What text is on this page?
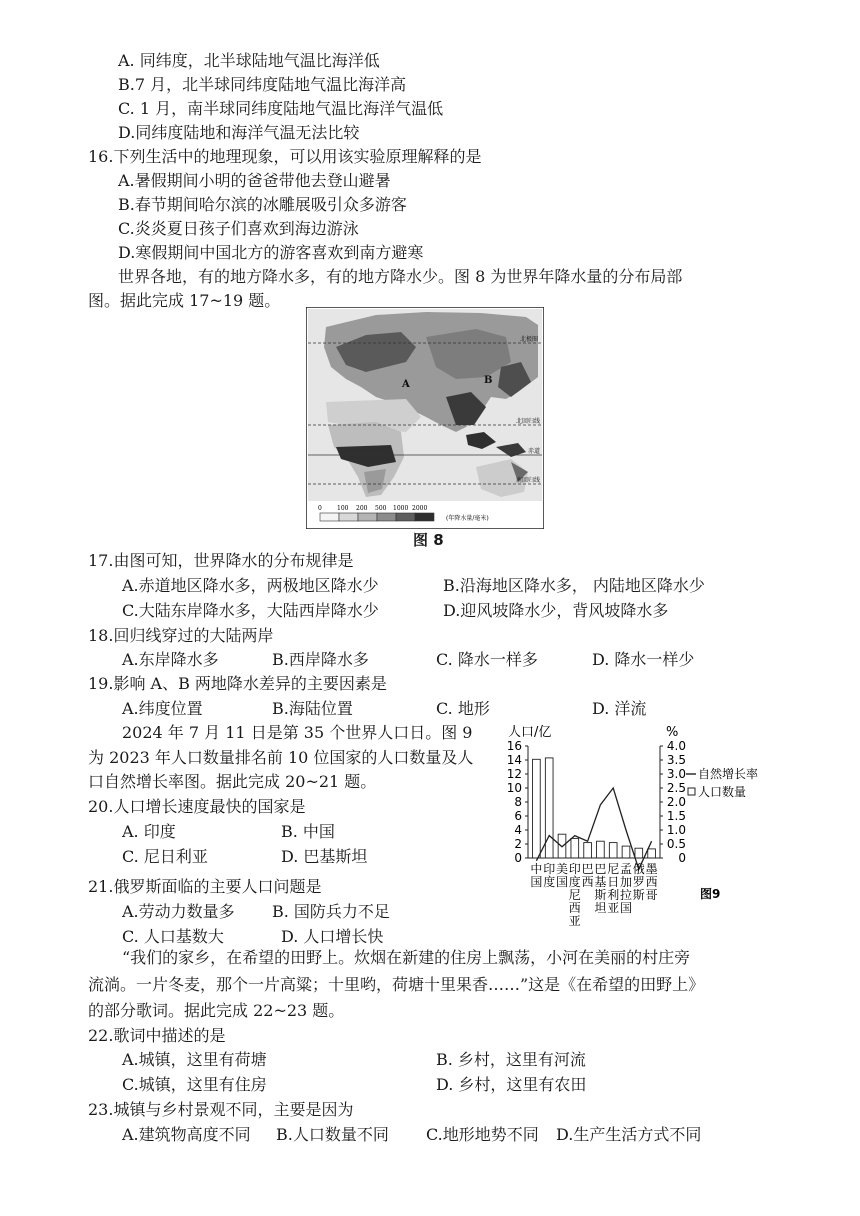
A. 同纬度，北半球陆地气温比海洋低
B.7 月，北半球同纬度陆地气温比海洋高
C. 1 月，南半球同纬度陆地气温比海洋气温低
D.同纬度陆地和海洋气温无法比较
16.下列生活中的地理现象，可以用该实验原理解释的是
A.暑假期间小明的爸爸带他去登山避暑
B.春节期间哈尔滨的冰雕展吸引众多游客
C.炎炎夏日孩子们喜欢到海边游泳
D.寒假期间中国北方的游客喜欢到南方避寒
世界各地，有的地方降水多，有的地方降水少。图 8 为世界年降水量的分布局部
图。据此完成 17~19 题。
北极圈
北回归线
赤道
南回归线
A	B
0	100 200 500 1000 2000
(年降水量/毫米)
图 8
17.由图可知，世界降水的分布规律是
A.赤道地区降水多，两极地区降水少	B.沿海地区降水多， 内陆地区降水少
C.大陆东岸降水多，大陆西岸降水少	D.迎风坡降水少，背风坡降水多
18.回归线穿过的大陆两岸
A.东岸降水多	B.西岸降水多	C. 降水一样多	D. 降水一样少
19.影响 A、B 两地降水差异的主要因素是
A.纬度位置	B.海陆位置	C. 地形	D. 洋流
2024 年 7 月 11 日是第 35 个世界人口日。图 9
为 2023 年人口数量排名前 10 位国家的人口数量及人
口自然增长率图。据此完成 20~21 题。
20.人口增长速度最快的国家是
A. 印度	B. 中国
C. 尼日利亚	D. 巴基斯坦
21.俄罗斯面临的主要人口问题是
A.劳动力数量多 B. 国防兵力不足
C. 人口基数大	D. 人口增长快
人口/亿	%
0
2
4
6
8
10
12
14
16
0
0.5
1.0
1.5
2.0
2.5
3.0
3.5
4.0
中
国
印
度
美
国
印
度
尼
西
亚
巴
西
巴
基
斯
坦
尼
日
利
亚
孟
加
拉
国
俄
罗
斯
墨
西
哥
自然增长率
人口数量
图9
“我们的家乡，在希望的田野上。炊烟在新建的住房上飘荡，小河在美丽的村庄旁
流淌。一片冬麦，那个一片高粱；十里哟，荷塘十里果香……”这是《在希望的田野上》
的部分歌词。据此完成 22~23 题。
22.歌词中描述的是
A.城镇，这里有荷塘	B. 乡村，这里有河流
C.城镇，这里有住房	D. 乡村，这里有农田
23.城镇与乡村景观不同，主要是因为
A.建筑物高度不同 B.人口数量不同 C.地形地势不同 D.生产生活方式不同
